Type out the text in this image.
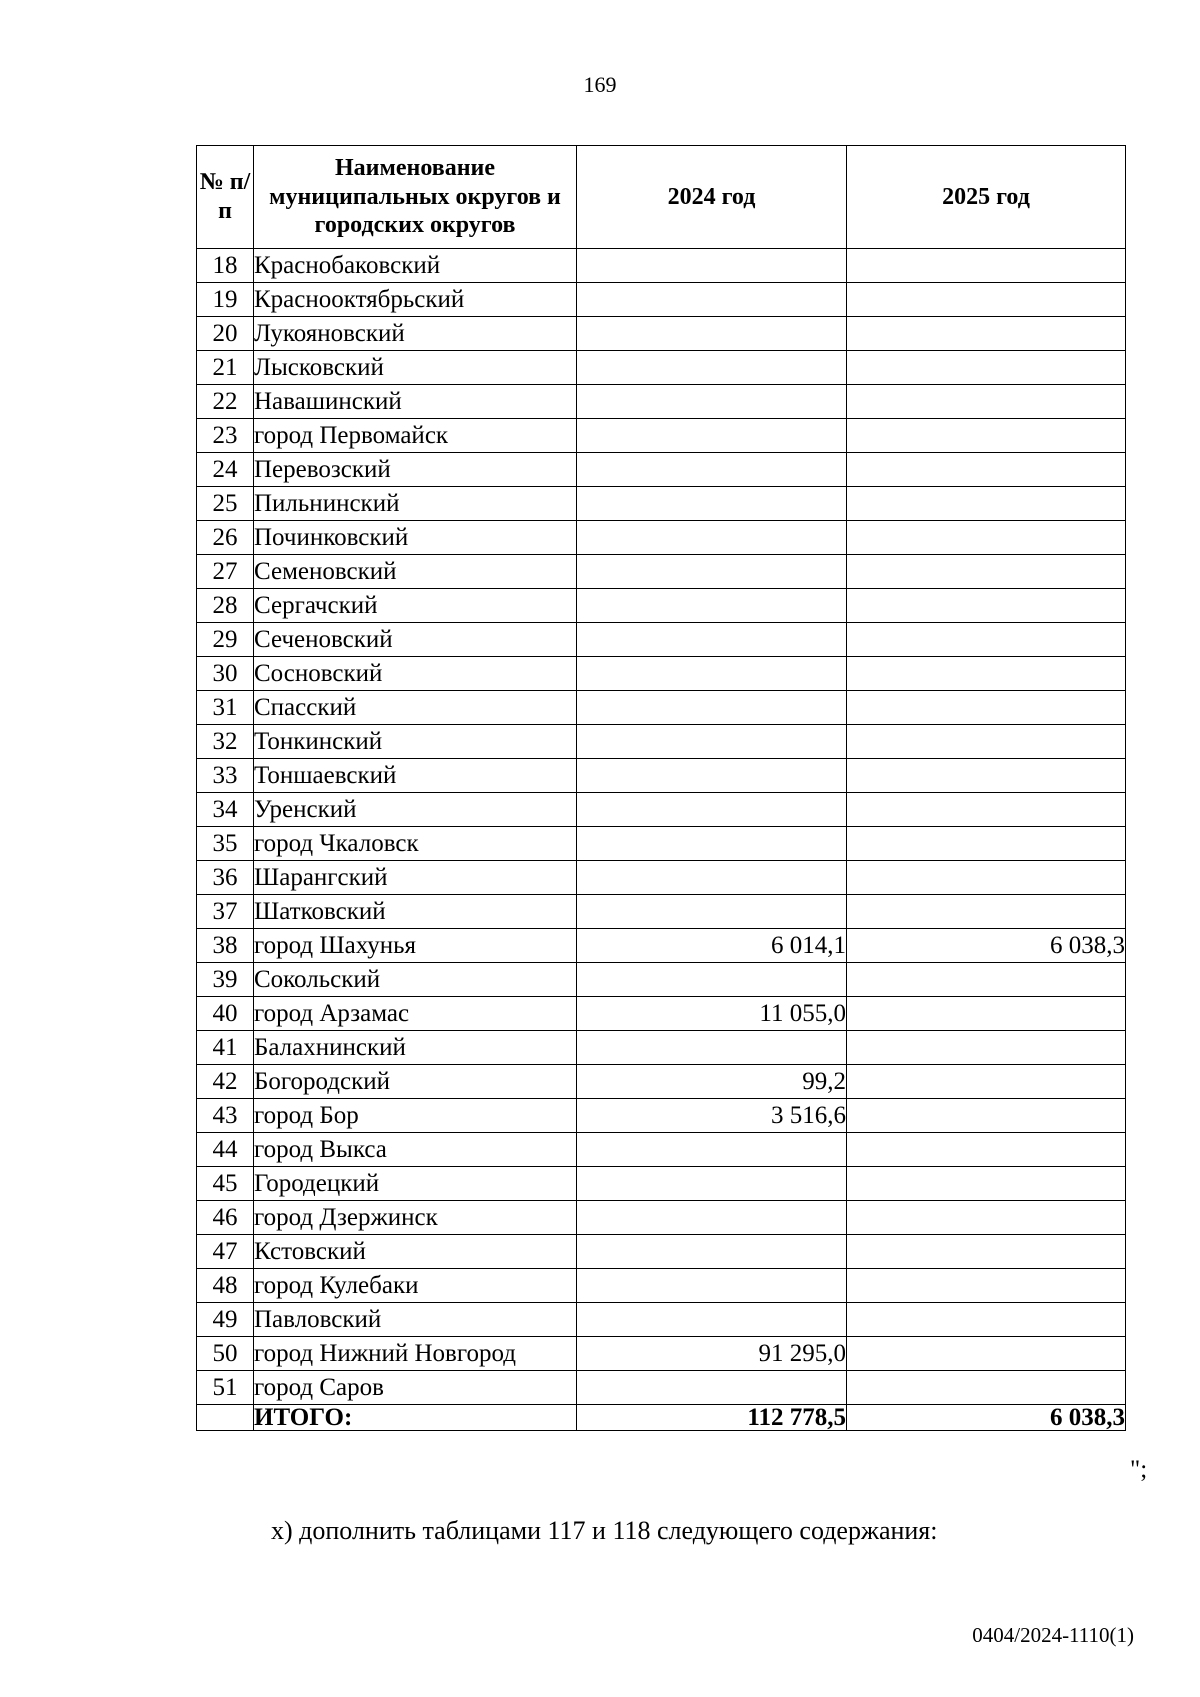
169
№ п/п	Наименование муниципальных округов и городских округов	2024 год	2025 год
18	Краснобаковский		
19	Краснооктябрьский		
20	Лукояновский		
21	Лысковский		
22	Навашинский		
23	город Первомайск		
24	Перевозский		
25	Пильнинский		
26	Починковский		
27	Семеновский		
28	Сергачский		
29	Сеченовский		
30	Сосновский		
31	Спасский		
32	Тонкинский		
33	Тоншаевский		
34	Уренский		
35	город Чкаловск		
36	Шарангский		
37	Шатковский		
38	город Шахунья	6 014,1	6 038,3
39	Сокольский		
40	город Арзамас	11 055,0	
41	Балахнинский		
42	Богородский	99,2	
43	город Бор	3 516,6	
44	город Выкса		
45	Городецкий		
46	город Дзержинск		
47	Кстовский		
48	город Кулебаки		
49	Павловский		
50	город Нижний Новгород	91 295,0	
51	город Саров		
	ИТОГО:	112 778,5	6 038,3
";
х) дополнить таблицами 117 и 118 следующего содержания:
0404/2024-1110(1)
